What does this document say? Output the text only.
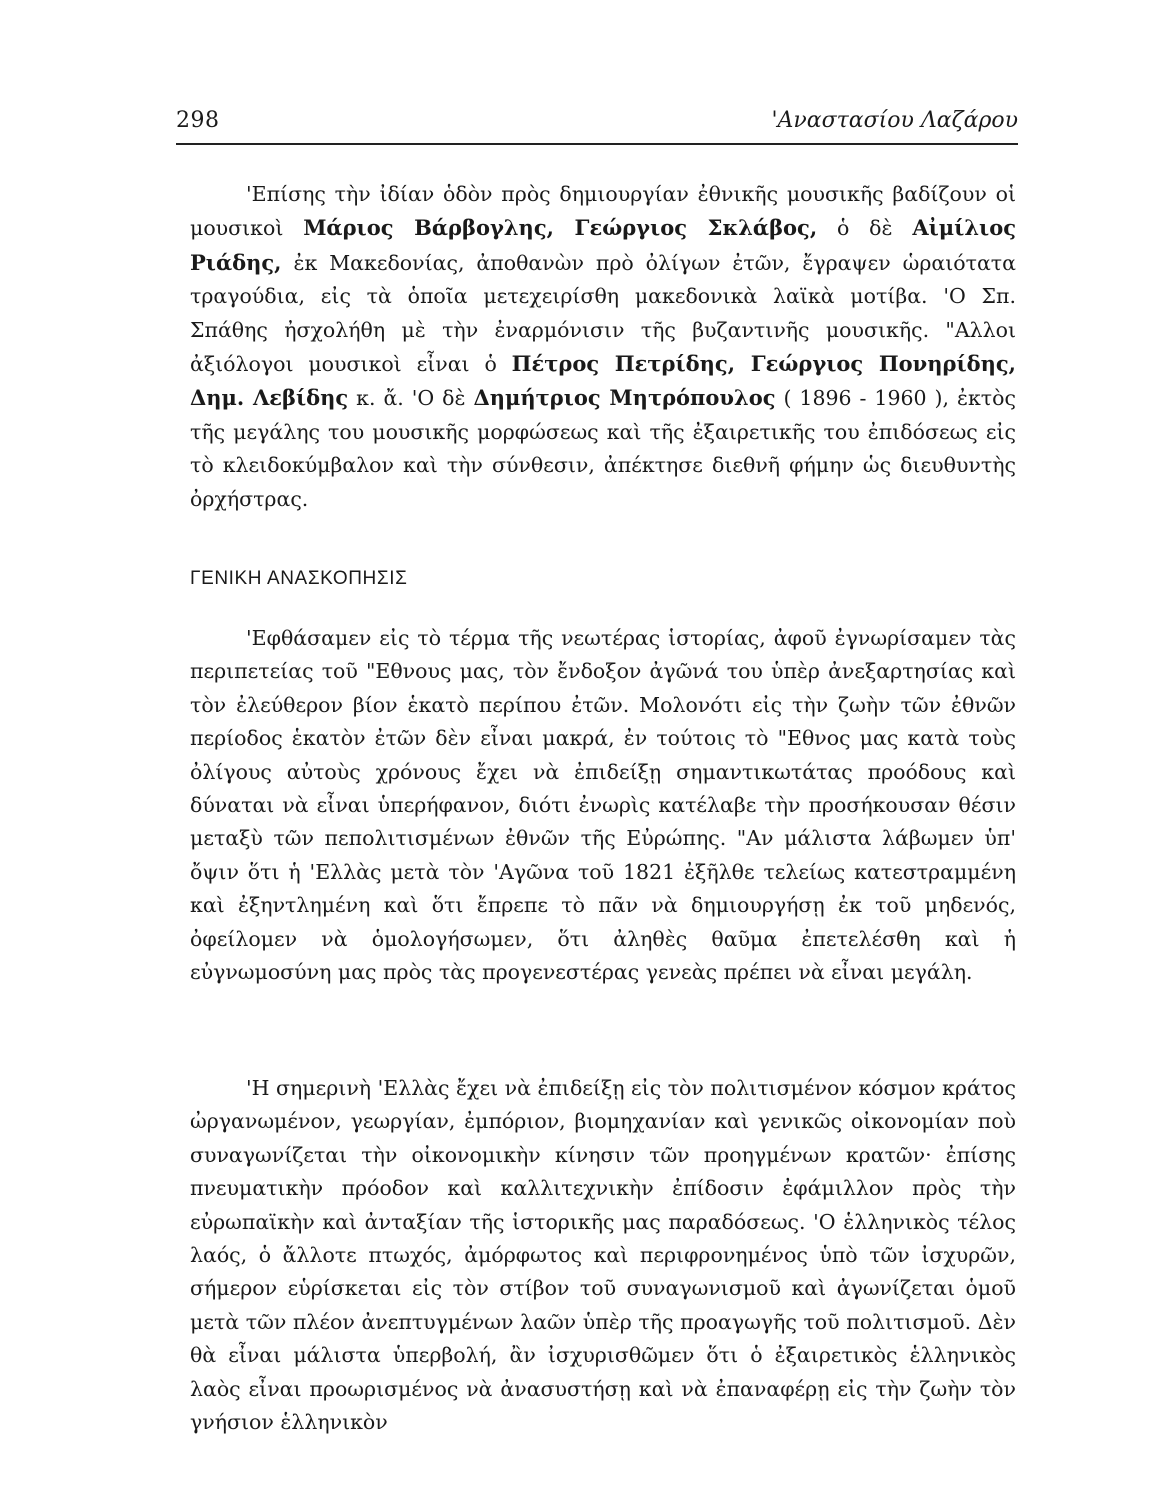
298	'Αναστασίου Λαζάρου

'Επίσης τὴν ἰδίαν ὁδὸν πρὸς δημιουργίαν ἐθνικῆς μουσικῆς βαδίζουν οἱ μουσικοὶ Μάριος Βάρβογλης, Γεώργιος Σκλάβος, ὁ δὲ Αἰμίλιος Ριάδης, ἐκ Μακεδονίας, ἀποθανὼν πρὸ ὀλίγων ἐτῶν, ἔγραψεν ὡραιότατα τραγούδια, εἰς τὰ ὁποῖα μετεχειρίσθη μακεδονικὰ λαϊκὰ μοτίβα. 'Ο Σπ. Σπάθης ἠσχολήθη μὲ τὴν ἐναρμόνισιν τῆς βυζαντινῆς μουσικῆς. "Αλλοι ἀξιόλογοι μουσικοὶ εἶναι ὁ Πέτρος Πετρίδης, Γεώργιος Πονηρίδης, Δημ. Λεβίδης κ. ἄ. 'Ο δὲ Δημήτριος Μητρόπουλος ( 1896 - 1960 ), ἐκτὸς τῆς μεγάλης του μουσικῆς μορφώσεως καὶ τῆς ἐξαιρετικῆς του ἐπιδόσεως εἰς τὸ κλειδοκύμβαλον καὶ τὴν σύνθεσιν, ἀπέκτησε διεθνῆ φήμην ὡς διευθυντὴς ὀρχήστρας.

ΓΕΝΙΚΗ ΑΝΑΣΚΟΠΗΣΙΣ

'Εφθάσαμεν εἰς τὸ τέρμα τῆς νεωτέρας ἱστορίας, ἀφοῦ ἐγνωρίσαμεν τὰς περιπετείας τοῦ "Εθνους μας, τὸν ἔνδοξον ἀγῶνά του ὑπὲρ ἀνεξαρτησίας καὶ τὸν ἐλεύθερον βίον ἑκατὸ περίπου ἐτῶν. Μολονότι εἰς τὴν ζωὴν τῶν ἐθνῶν περίοδος ἑκατὸν ἐτῶν δὲν εἶναι μακρά, ἐν τούτοις τὸ "Εθνος μας κατὰ τοὺς ὀλίγους αὐτοὺς χρόνους ἔχει νὰ ἐπιδείξῃ σημαντικωτάτας προόδους καὶ δύναται νὰ εἶναι ὑπερήφανον, διότι ἐνωρὶς κατέλαβε τὴν προσήκουσαν θέσιν μεταξὺ τῶν πεπολιτισμένων ἐθνῶν τῆς Εὐρώπης. "Αν μάλιστα λάβωμεν ὑπ' ὄψιν ὅτι ἡ 'Ελλὰς μετὰ τὸν 'Αγῶνα τοῦ 1821 ἐξῆλθε τελείως κατεστραμμένη καὶ ἐξηντλημένη καὶ ὅτι ἔπρεπε τὸ πᾶν νὰ δημιουργήσῃ ἐκ τοῦ μηδενός, ὀφείλομεν νὰ ὁμολογήσωμεν, ὅτι ἀληθὲς θαῦμα ἐπετελέσθη καὶ ἡ εὐγνωμοσύνη μας πρὸς τὰς προγενεστέρας γενεὰς πρέπει νὰ εἶναι μεγάλη.

'Η σημερινὴ 'Ελλὰς ἔχει νὰ ἐπιδείξῃ εἰς τὸν πολιτισμένον κόσμον κράτος ὠργανωμένον, γεωργίαν, ἐμπόριον, βιομηχανίαν καὶ γενικῶς οἰκονομίαν ποὺ συναγωνίζεται τὴν οἰκονομικὴν κίνησιν τῶν προηγμένων κρατῶν· ἐπίσης πνευματικὴν πρόοδον καὶ καλλιτεχνικὴν ἐπίδοσιν ἐφάμιλλον πρὸς τὴν εὐρωπαϊκὴν καὶ ἀνταξίαν τῆς ἱστορικῆς μας παραδόσεως. 'Ο ἑλληνικὸς τέλος λαός, ὁ ἄλλοτε πτωχός, ἀμόρφωτος καὶ περιφρονημένος ὑπὸ τῶν ἰσχυρῶν, σήμερον εὑρίσκεται εἰς τὸν στίβον τοῦ συναγωνισμοῦ καὶ ἀγωνίζεται ὁμοῦ μετὰ τῶν πλέον ἀνεπτυγμένων λαῶν ὑπὲρ τῆς προαγωγῆς τοῦ πολιτισμοῦ. Δὲν θὰ εἶναι μάλιστα ὑπερβολή, ἂν ἰσχυρισθῶμεν ὅτι ὁ ἐξαιρετικὸς ἑλληνικὸς λαὸς εἶναι προωρισμένος νὰ ἀνασυστήσῃ καὶ νὰ ἐπαναφέρῃ εἰς τὴν ζωὴν τὸν γνήσιον ἑλληνικὸν
